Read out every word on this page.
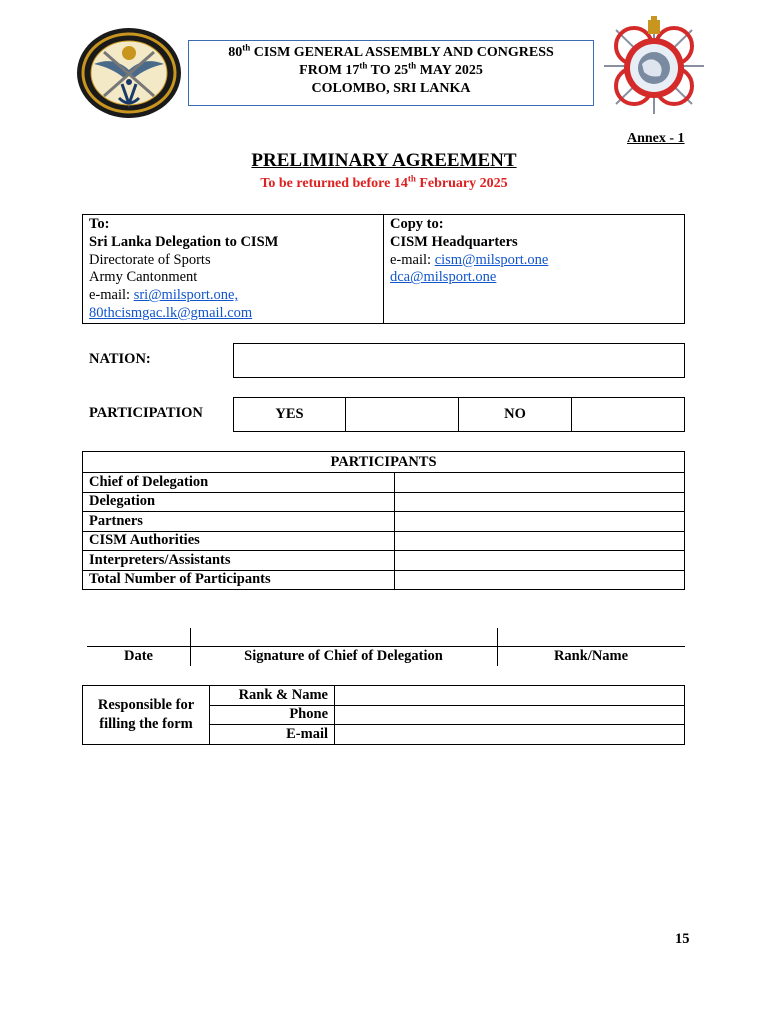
80th CISM GENERAL ASSEMBLY AND CONGRESS
FROM 17th TO 25th MAY 2025
COLOMBO, SRI LANKA
Annex - 1
PRELIMINARY AGREEMENT
To be returned before 14th February 2025
To:
Sri Lanka Delegation to CISM
Directorate of Sports
Army Cantonment
e-mail: sri@milsport.one,
80thcismgac.lk@gmail.com
Copy to:
CISM Headquarters
e-mail: cism@milsport.one
dca@milsport.one
NATION:
PARTICIPATION	YES	NO
PARTICIPANTS	
Chief of Delegation	
Delegation	
Partners	
CISM Authorities	
Interpreters/Assistants	
Total Number of Participants	
Date	Signature of Chief of Delegation	Rank/Name
Responsible for
filling the form	Rank & Name	
	Phone	
	E-mail	
15
